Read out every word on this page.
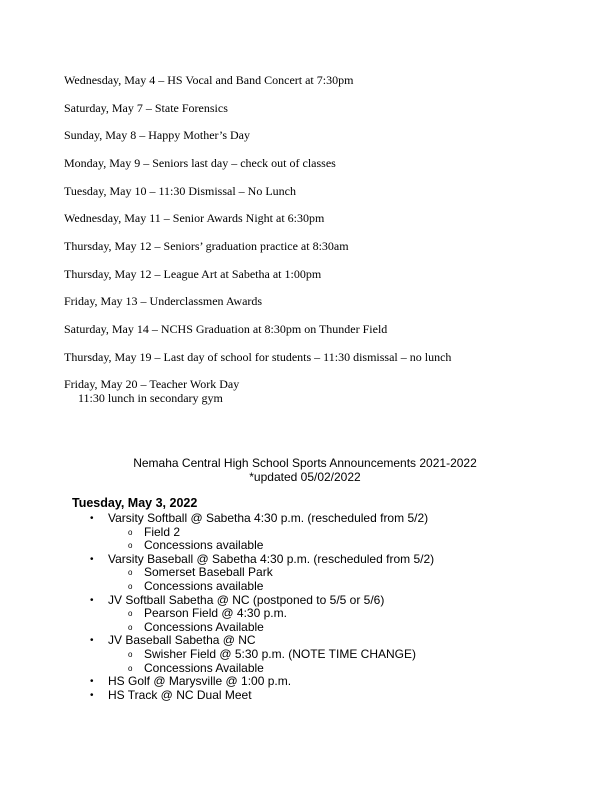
Wednesday, May 4 – HS Vocal and Band Concert at 7:30pm

Saturday, May 7 – State Forensics

Sunday, May 8 – Happy Mother’s Day

Monday, May 9 – Seniors last day – check out of classes

Tuesday, May 10 – 11:30 Dismissal – No Lunch

Wednesday, May 11 – Senior Awards Night at 6:30pm

Thursday, May 12 – Seniors’ graduation practice at 8:30am

Thursday, May 12 – League Art at Sabetha at 1:00pm

Friday, May 13 – Underclassmen Awards

Saturday, May 14 – NCHS Graduation at 8:30pm on Thunder Field

Thursday, May 19 – Last day of school for students – 11:30 dismissal – no lunch

Friday, May 20 – Teacher Work Day

11:30 lunch in secondary gym

Nemaha Central High School Sports Announcements 2021-2022
*updated 05/02/2022
Tuesday, May 3, 2022
• Varsity Softball @ Sabetha 4:30 p.m. (rescheduled from 5/2)
o Field 2
o Concessions available
• Varsity Baseball @ Sabetha 4:30 p.m. (rescheduled from 5/2)
o Somerset Baseball Park
o Concessions available
• JV Softball Sabetha @ NC (postponed to 5/5 or 5/6)
o Pearson Field @ 4:30 p.m.
o Concessions Available
• JV Baseball Sabetha @ NC
o Swisher Field @ 5:30 p.m. (NOTE TIME CHANGE)
o Concessions Available
• HS Golf @ Marysville @ 1:00 p.m.
• HS Track @ NC Dual Meet
